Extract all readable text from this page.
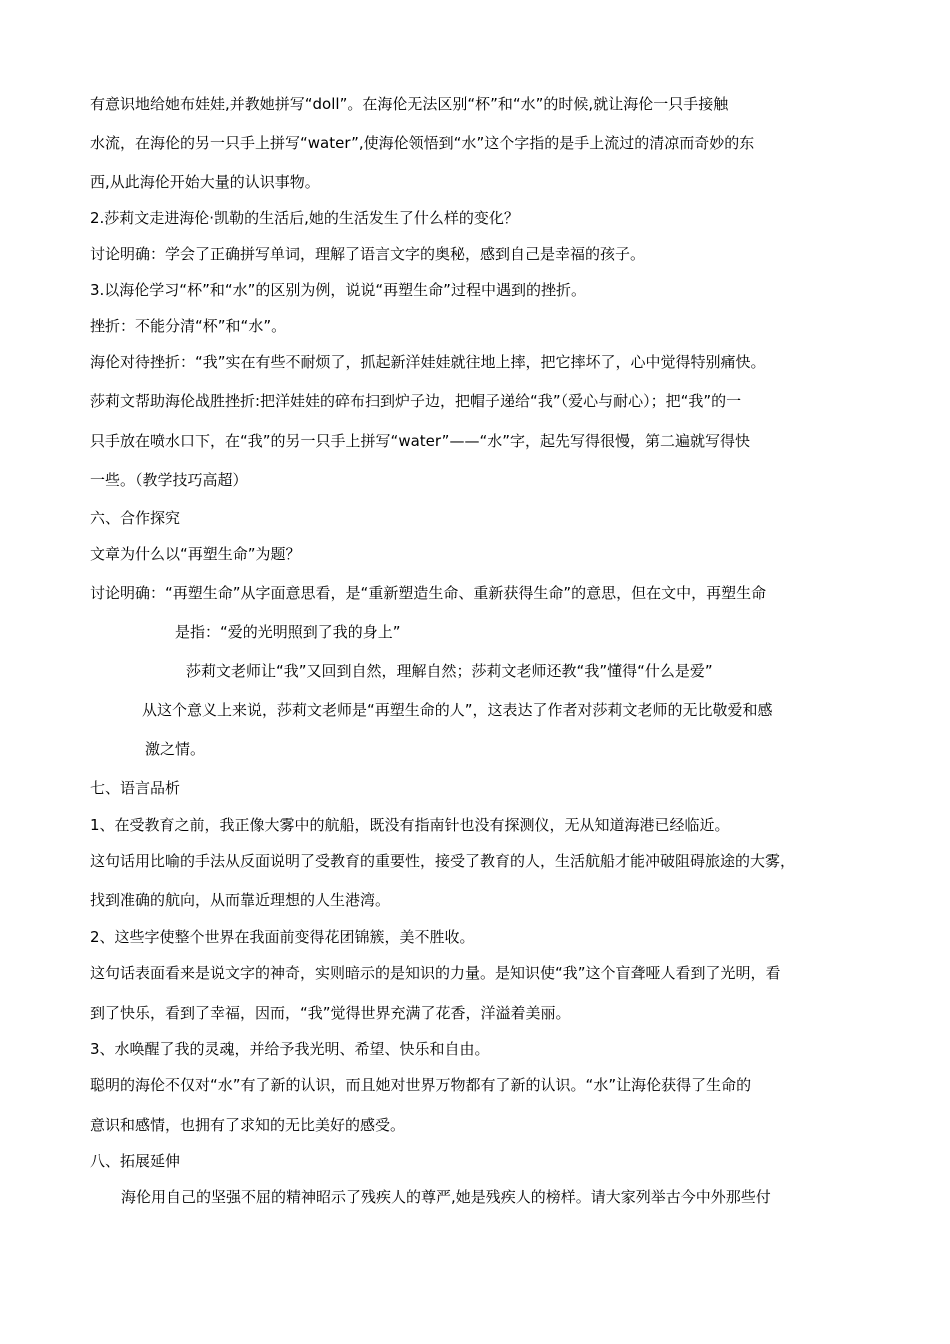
有意识地给她布娃娃,并教她拼写“doll”。在海伦无法区别“杯”和“水”的时候,就让海伦一只手接触
水流，在海伦的另一只手上拼写“water”,使海伦领悟到“水”这个字指的是手上流过的清凉而奇妙的东
西,从此海伦开始大量的认识事物。
2.莎莉文走进海伦·凯勒的生活后,她的生活发生了什么样的变化？
讨论明确：学会了正确拼写单词，理解了语言文字的奥秘，感到自己是幸福的孩子。
3.以海伦学习“杯”和“水”的区别为例，说说“再塑生命”过程中遇到的挫折。
挫折：不能分清“杯”和“水”。
海伦对待挫折：“我”实在有些不耐烦了，抓起新洋娃娃就往地上摔，把它摔坏了，心中觉得特别痛快。
莎莉文帮助海伦战胜挫折:把洋娃娃的碎布扫到炉子边，把帽子递给“我”（爱心与耐心）；把“我”的一
只手放在喷水口下，在“我”的另一只手上拼写“water”——“水”字，起先写得很慢，第二遍就写得快
一些。（教学技巧高超）
六、合作探究
文章为什么以“再塑生命”为题？
讨论明确：“再塑生命”从字面意思看，是“重新塑造生命、重新获得生命”的意思，但在文中，再塑生命
是指：“爱的光明照到了我的身上”
莎莉文老师让“我”又回到自然，理解自然；莎莉文老师还教“我”懂得“什么是爱”
从这个意义上来说，莎莉文老师是“再塑生命的人”，这表达了作者对莎莉文老师的无比敬爱和感
激之情。
七、语言品析
1、在受教育之前，我正像大雾中的航船，既没有指南针也没有探测仪，无从知道海港已经临近。
这句话用比喻的手法从反面说明了受教育的重要性，接受了教育的人，生活航船才能冲破阻碍旅途的大雾，
找到准确的航向，从而靠近理想的人生港湾。
2、这些字使整个世界在我面前变得花团锦簇，美不胜收。
这句话表面看来是说文字的神奇，实则暗示的是知识的力量。是知识使“我”这个盲聋哑人看到了光明，看
到了快乐，看到了幸福，因而，“我”觉得世界充满了花香，洋溢着美丽。
3、水唤醒了我的灵魂，并给予我光明、希望、快乐和自由。
聪明的海伦不仅对“水”有了新的认识，而且她对世界万物都有了新的认识。“水”让海伦获得了生命的
意识和感情，也拥有了求知的无比美好的感受。
八、拓展延伸
海伦用自己的坚强不屈的精神昭示了残疾人的尊严,她是残疾人的榜样。请大家列举古今中外那些付
